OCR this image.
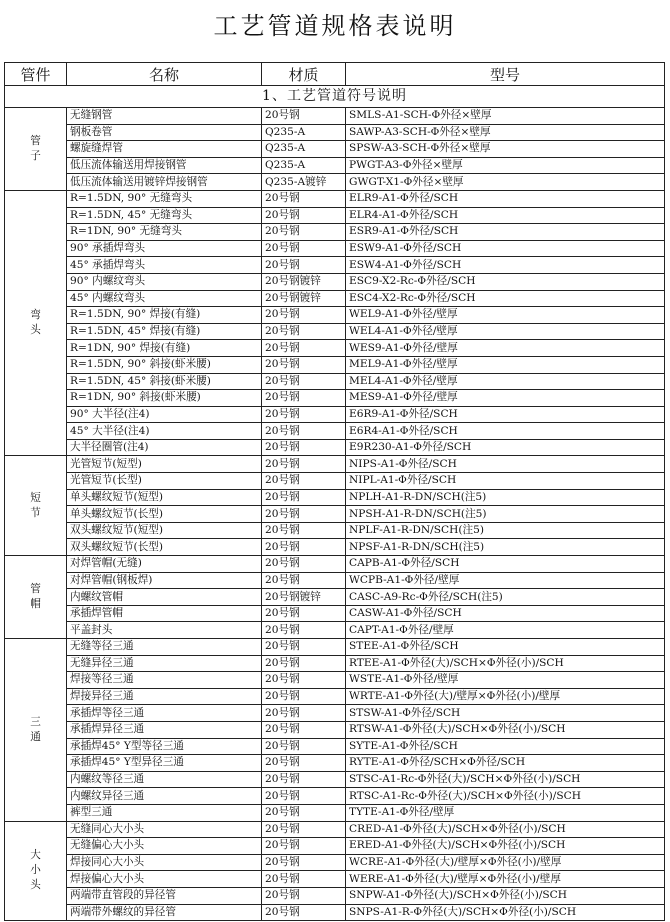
工艺管道规格表说明
管件	名称	材质	型号
1、工艺管道符号说明			

管
子	无缝钢管	20号钢	SMLS-A1-SCH-Φ外径×壁厚
	钢板卷管	Q235-A	SAWP-A3-SCH-Φ外径×壁厚
	螺旋缝焊管	Q235-A	SPSW-A3-SCH-Φ外径×壁厚
	低压流体输送用焊接钢管	Q235-A	PWGT-A3-Φ外径×壁厚
	低压流体输送用镀锌焊接钢管	Q235-A镀锌	GWGT-X1-Φ外径×壁厚

弯
头	R=1.5DN, 90° 无缝弯头	20号钢	ELR9-A1-Φ外径/SCH
	R=1.5DN, 45° 无缝弯头	20号钢	ELR4-A1-Φ外径/SCH
	R=1DN, 90° 无缝弯头	20号钢	ESR9-A1-Φ外径/SCH
	90° 承插焊弯头	20号钢	ESW9-A1-Φ外径/SCH
	45° 承插焊弯头	20号钢	ESW4-A1-Φ外径/SCH
	90° 内螺纹弯头	20号钢镀锌	ESC9-X2-Rc-Φ外径/SCH
	45° 内螺纹弯头	20号钢镀锌	ESC4-X2-Rc-Φ外径/SCH
	R=1.5DN, 90° 焊接(有缝)	20号钢	WEL9-A1-Φ外径/壁厚
	R=1.5DN, 45° 焊接(有缝)	20号钢	WEL4-A1-Φ外径/壁厚
	R=1DN, 90° 焊接(有缝)	20号钢	WES9-A1-Φ外径/壁厚
	R=1.5DN, 90° 斜接(虾米腰)	20号钢	MEL9-A1-Φ外径/壁厚
	R=1.5DN, 45° 斜接(虾米腰)	20号钢	MEL4-A1-Φ外径/壁厚
	R=1DN, 90° 斜接(虾米腰)	20号钢	MES9-A1-Φ外径/壁厚
	90° 大半径(注4)	20号钢	E6R9-A1-Φ外径/SCH
	45° 大半径(注4)	20号钢	E6R4-A1-Φ外径/SCH
	大半径圈管(注4)	20号钢	E9R230-A1-Φ外径/SCH

短
节	光管短节(短型)	20号钢	NIPS-A1-Φ外径/SCH
	光管短节(长型)	20号钢	NIPL-A1-Φ外径/SCH
	单头螺纹短节(短型)	20号钢	NPLH-A1-R-DN/SCH(注5)
	单头螺纹短节(长型)	20号钢	NPSH-A1-R-DN/SCH(注5)
	双头螺纹短节(短型)	20号钢	NPLF-A1-R-DN/SCH(注5)
	双头螺纹短节(长型)	20号钢	NPSF-A1-R-DN/SCH(注5)

管
帽	对焊管帽(无缝)	20号钢	CAPB-A1-Φ外径/SCH
	对焊管帽(钢板焊)	20号钢	WCPB-A1-Φ外径/壁厚
	内螺纹管帽	20号钢镀锌	CASC-A9-Rc-Φ外径/SCH(注5)
	承插焊管帽	20号钢	CASW-A1-Φ外径/SCH
	平盖封头	20号钢	CAPT-A1-Φ外径/壁厚

三
通	无缝等径三通	20号钢	STEE-A1-Φ外径/SCH
	无缝异径三通	20号钢	RTEE-A1-Φ外径(大)/SCH×Φ外径(小)/SCH
	焊接等径三通	20号钢	WSTE-A1-Φ外径/壁厚
	焊接异径三通	20号钢	WRTE-A1-Φ外径(大)/壁厚×Φ外径(小)/壁厚
	承插焊等径三通	20号钢	STSW-A1-Φ外径/SCH
	承插焊异径三通	20号钢	RTSW-A1-Φ外径(大)/SCH×Φ外径(小)/SCH
	承插焊45° Y型等径三通	20号钢	SYTE-A1-Φ外径/SCH
	承插焊45° Y型异径三通	20号钢	RYTE-A1-Φ外径/SCH×Φ外径/SCH
	内螺纹等径三通	20号钢	STSC-A1-Rc-Φ外径(大)/SCH×Φ外径(小)/SCH
	内螺纹异径三通	20号钢	RTSC-A1-Rc-Φ外径(大)/SCH×Φ外径(小)/SCH
	裤型三通	20号钢	TYTE-A1-Φ外径/壁厚

大
小
头	无缝同心大小头	20号钢	CRED-A1-Φ外径(大)/SCH×Φ外径(小)/SCH
	无缝偏心大小头	20号钢	ERED-A1-Φ外径(大)/SCH×Φ外径(小)/SCH
	焊接同心大小头	20号钢	WCRE-A1-Φ外径(大)/壁厚×Φ外径(小)/壁厚
	焊接偏心大小头	20号钢	WERE-A1-Φ外径(大)/壁厚×Φ外径(小)/壁厚
	两端带直管段的异径管	20号钢	SNPW-A1-Φ外径(大)/SCH×Φ外径(小)/SCH
	两端带外螺纹的异径管	20号钢	SNPS-A1-R-Φ外径(大)/SCH×Φ外径(小)/SCH
